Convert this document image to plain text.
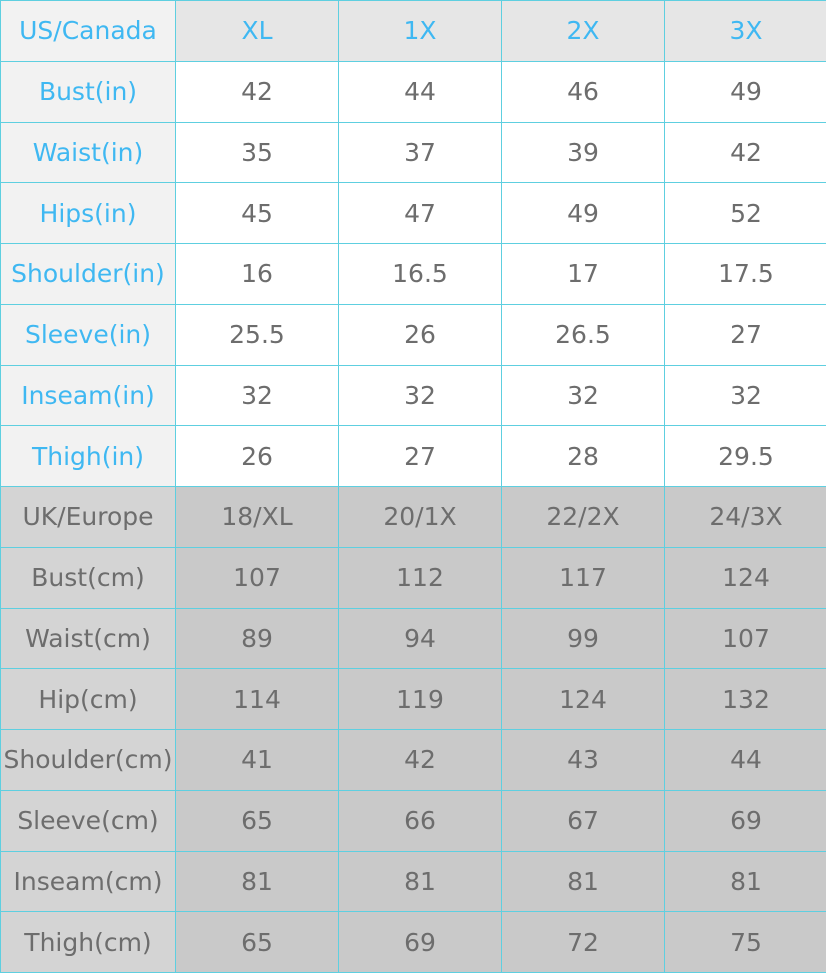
US/Canada	XL	1X	2X	3X
Bust(in)	42	44	46	49
Waist(in)	35	37	39	42
Hips(in)	45	47	49	52
Shoulder(in)	16	16.5	17	17.5
Sleeve(in)	25.5	26	26.5	27
Inseam(in)	32	32	32	32
Thigh(in)	26	27	28	29.5
UK/Europe	18/XL	20/1X	22/2X	24/3X
Bust(cm)	107	112	117	124
Waist(cm)	89	94	99	107
Hip(cm)	114	119	124	132
Shoulder(cm)	41	42	43	44
Sleeve(cm)	65	66	67	69
Inseam(cm)	81	81	81	81
Thigh(cm)	65	69	72	75
